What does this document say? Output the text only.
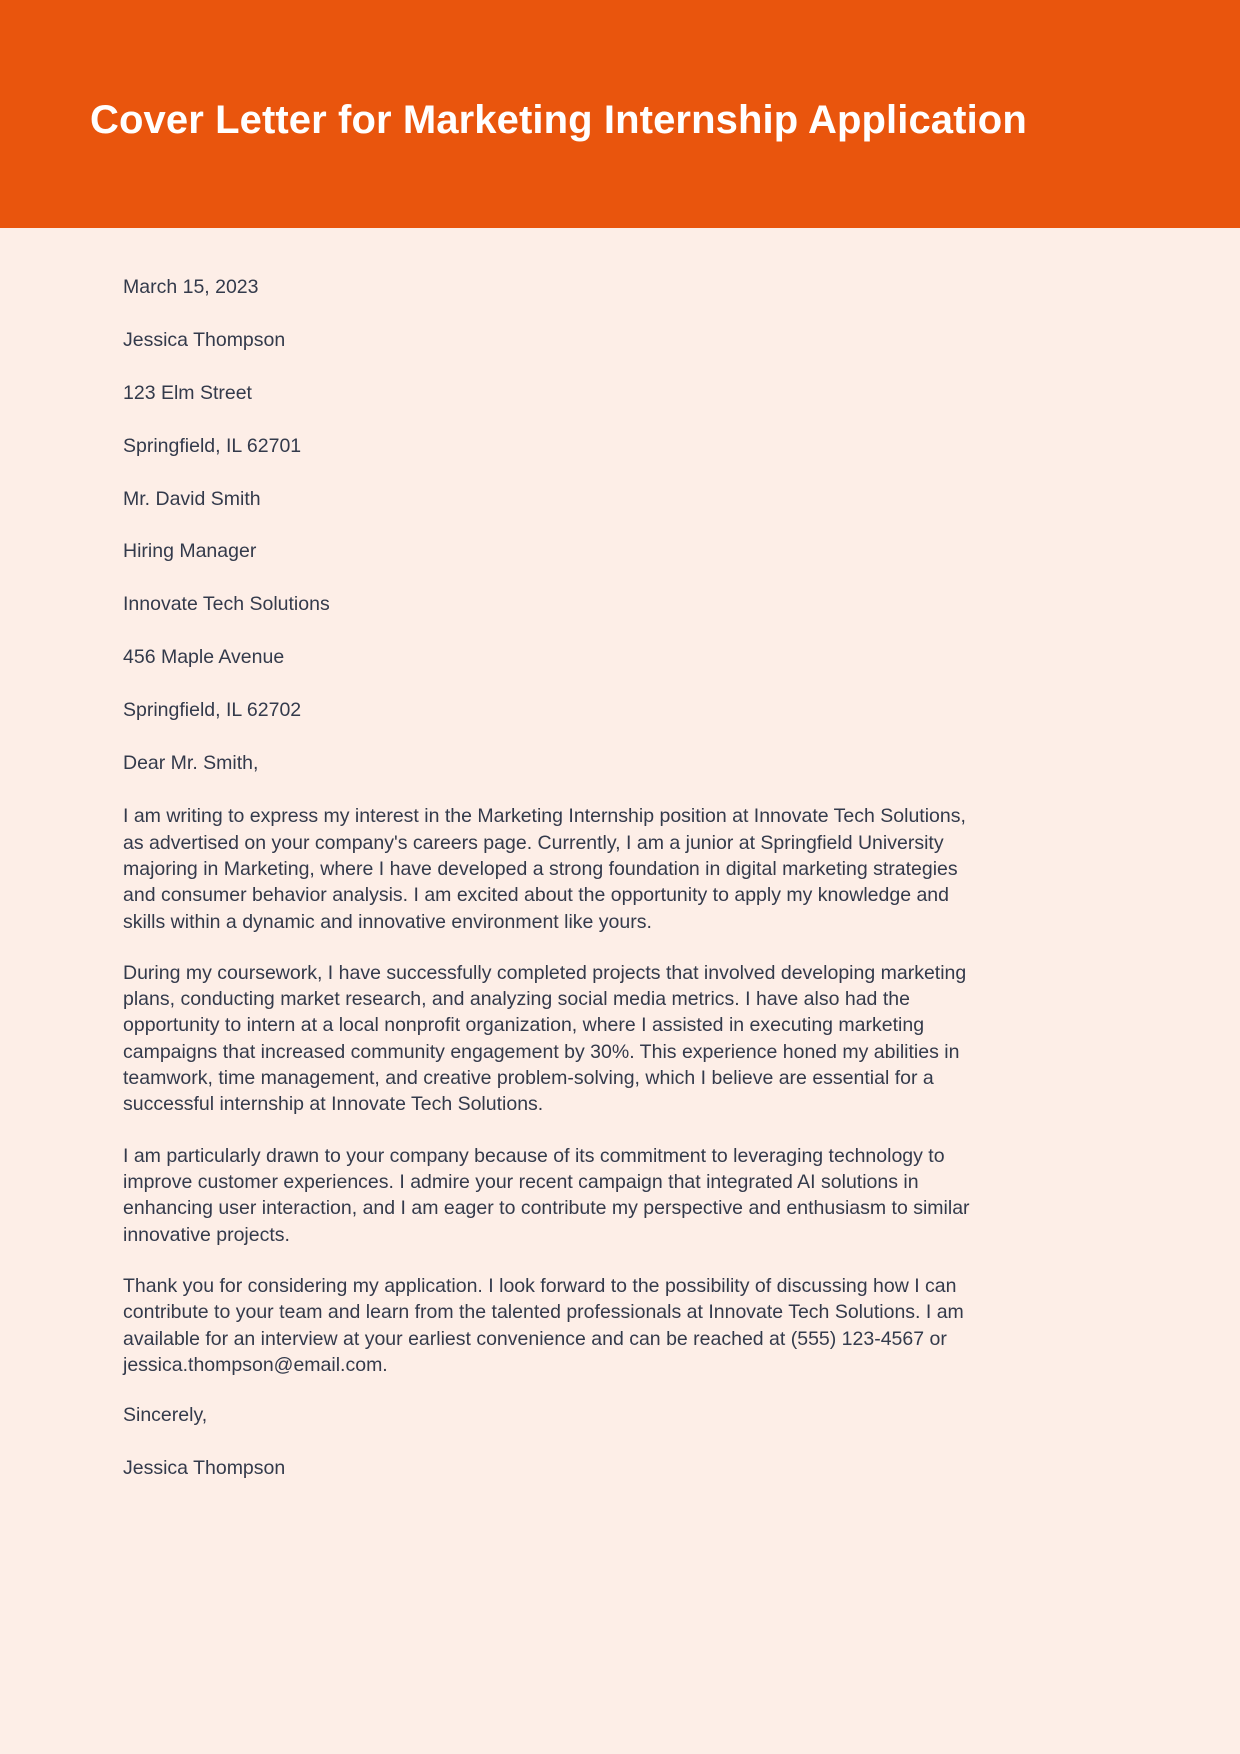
Cover Letter for Marketing Internship Application

March 15, 2023

Jessica Thompson

123 Elm Street

Springfield, IL 62701

Mr. David Smith

Hiring Manager

Innovate Tech Solutions

456 Maple Avenue

Springfield, IL 62702

Dear Mr. Smith,

I am writing to express my interest in the Marketing Internship position at Innovate Tech Solutions, as advertised on your company's careers page. Currently, I am a junior at Springfield University majoring in Marketing, where I have developed a strong foundation in digital marketing strategies and consumer behavior analysis. I am excited about the opportunity to apply my knowledge and skills within a dynamic and innovative environment like yours.

During my coursework, I have successfully completed projects that involved developing marketing plans, conducting market research, and analyzing social media metrics. I have also had the opportunity to intern at a local nonprofit organization, where I assisted in executing marketing campaigns that increased community engagement by 30%. This experience honed my abilities in teamwork, time management, and creative problem-solving, which I believe are essential for a successful internship at Innovate Tech Solutions.

I am particularly drawn to your company because of its commitment to leveraging technology to improve customer experiences. I admire your recent campaign that integrated AI solutions in enhancing user interaction, and I am eager to contribute my perspective and enthusiasm to similar innovative projects.

Thank you for considering my application. I look forward to the possibility of discussing how I can contribute to your team and learn from the talented professionals at Innovate Tech Solutions. I am available for an interview at your earliest convenience and can be reached at (555) 123-4567 or jessica.thompson@email.com.

Sincerely,

Jessica Thompson
